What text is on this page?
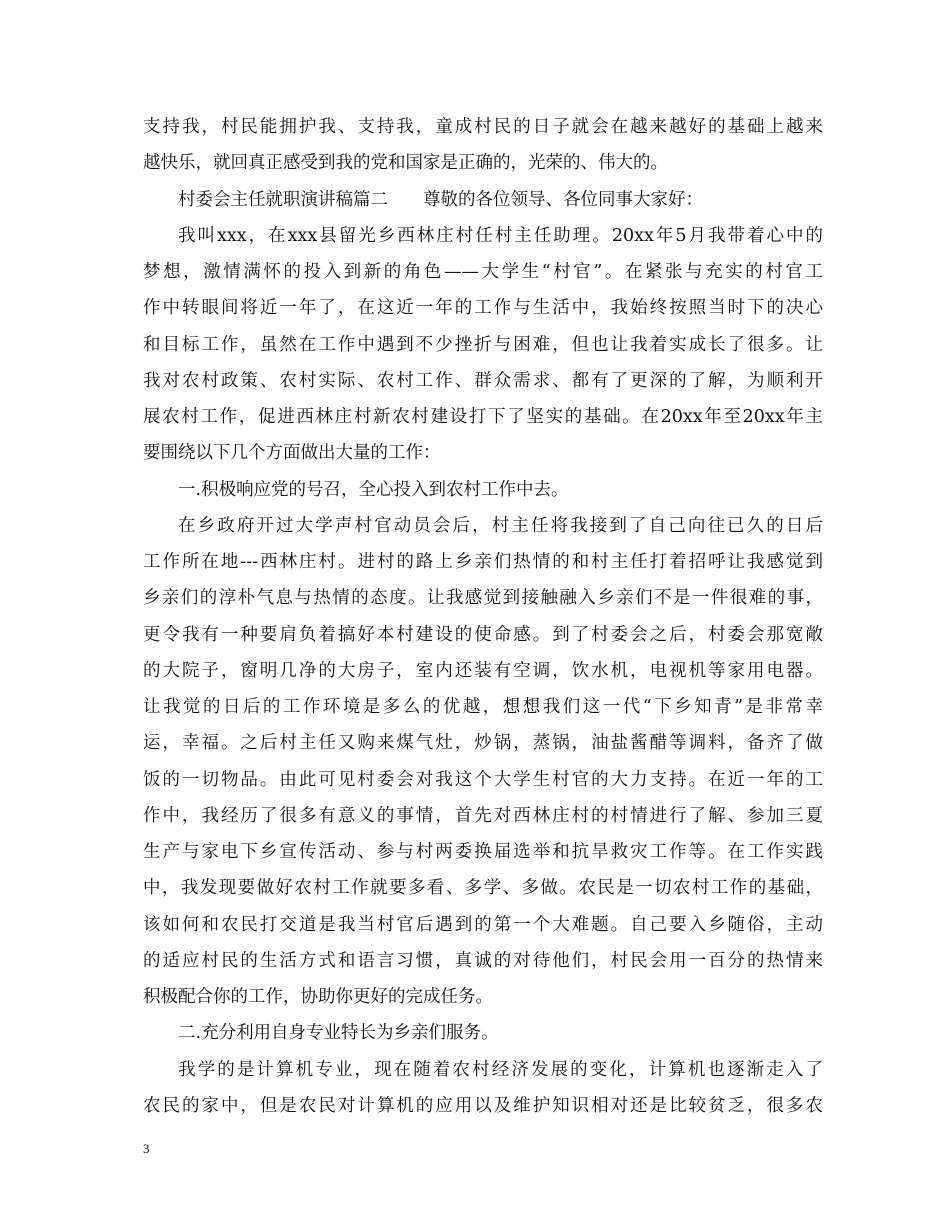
支持我，村民能拥护我、支持我，童成村民的日子就会在越来越好的基础上越来
越快乐，就回真正感受到我的党和国家是正确的，光荣的、伟大的。
村委会主任就职演讲稿篇二　　尊敬的各位领导、各位同事大家好：
我叫xxx，在xxx县留光乡西林庄村任村主任助理。20xx年5月我带着心中的
梦想，激情满怀的投入到新的角色——大学生“村官”。在紧张与充实的村官工
作中转眼间将近一年了，在这近一年的工作与生活中，我始终按照当时下的决心
和目标工作，虽然在工作中遇到不少挫折与困难，但也让我着实成长了很多。让
我对农村政策、农村实际、农村工作、群众需求、都有了更深的了解，为顺利开
展农村工作，促进西林庄村新农村建设打下了坚实的基础。在20xx年至20xx年主
要围绕以下几个方面做出大量的工作：
一.积极响应党的号召，全心投入到农村工作中去。
在乡政府开过大学声村官动员会后，村主任将我接到了自己向往已久的日后
工作所在地---西林庄村。进村的路上乡亲们热情的和村主任打着招呼让我感觉到
乡亲们的淳朴气息与热情的态度。让我感觉到接触融入乡亲们不是一件很难的事，
更令我有一种要肩负着搞好本村建设的使命感。到了村委会之后，村委会那宽敞
的大院子，窗明几净的大房子，室内还装有空调，饮水机，电视机等家用电器。
让我觉的日后的工作环境是多么的优越，想想我们这一代“下乡知青”是非常幸
运，幸福。之后村主任又购来煤气灶，炒锅，蒸锅，油盐酱醋等调料，备齐了做
饭的一切物品。由此可见村委会对我这个大学生村官的大力支持。在近一年的工
作中，我经历了很多有意义的事情，首先对西林庄村的村情进行了解、参加三夏
生产与家电下乡宣传活动、参与村两委换届选举和抗旱救灾工作等。在工作实践
中，我发现要做好农村工作就要多看、多学、多做。农民是一切农村工作的基础，
该如何和农民打交道是我当村官后遇到的第一个大难题。自己要入乡随俗，主动
的适应村民的生活方式和语言习惯，真诚的对待他们，村民会用一百分的热情来
积极配合你的工作，协助你更好的完成任务。
二.充分利用自身专业特长为乡亲们服务。
我学的是计算机专业，现在随着农村经济发展的变化，计算机也逐渐走入了
农民的家中，但是农民对计算机的应用以及维护知识相对还是比较贫乏，很多农
3
